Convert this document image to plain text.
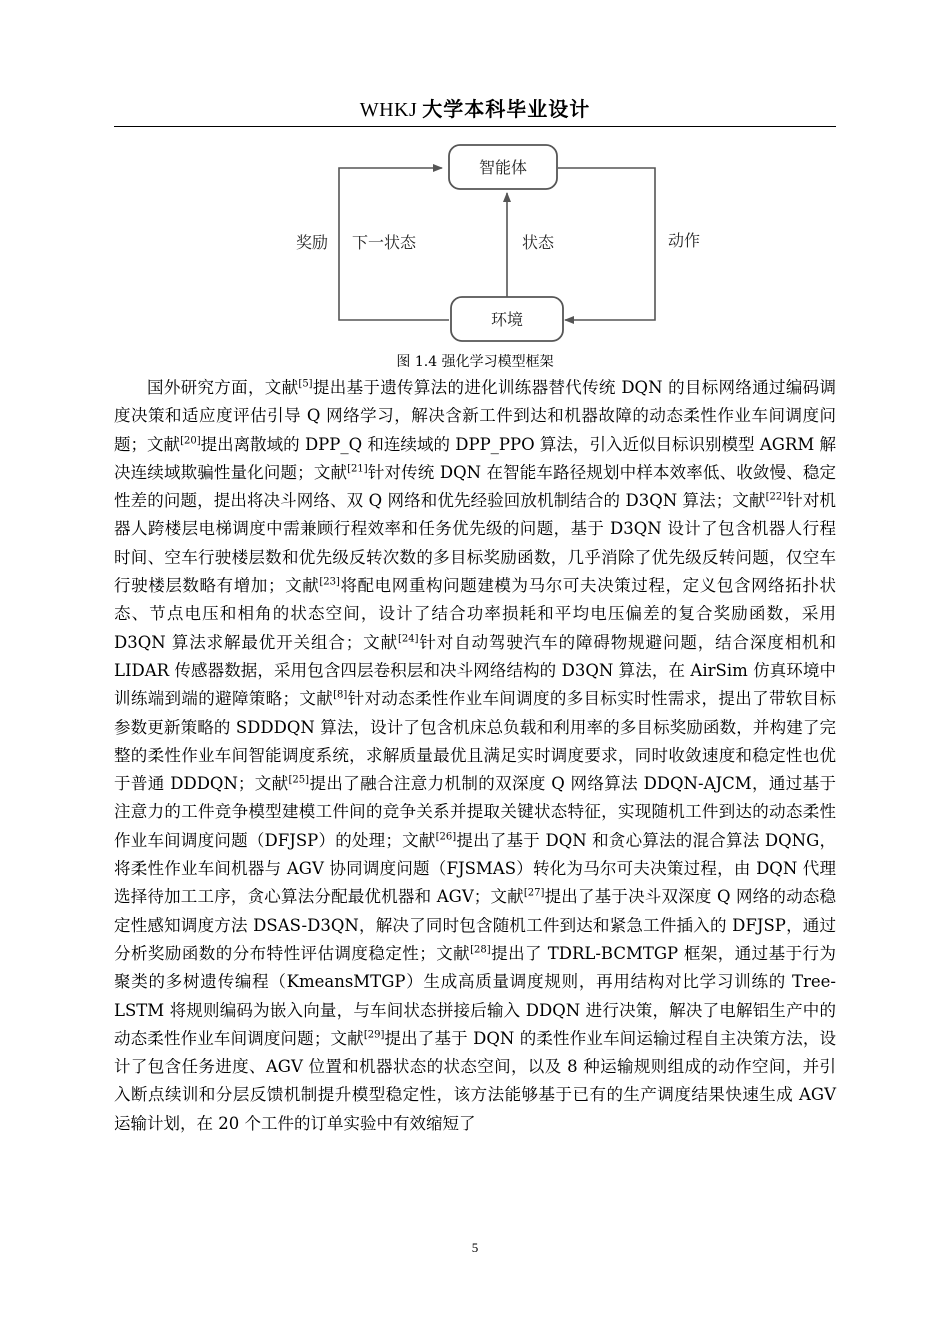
WHKJ 大学本科毕业设计
智能体
环境
奖励 下一状态	状态	动作
图 1.4 强化学习模型框架

国外研究方面，文献[5]提出基于遗传算法的进化训练器替代传统 DQN 的目标网络通过编码调度决策和适应度评估引导 Q 网络学习，解决含新工件到达和机器故障的动态柔性作业车间调度问题；文献[20]提出离散域的 DPP_Q 和连续域的 DPP_PPO 算法，引入近似目标识别模型 AGRM 解决连续域欺骗性量化问题；文献[21]针对传统 DQN 在智能车路径规划中样本效率低、收敛慢、稳定性差的问题，提出将决斗网络、双 Q 网络和优先经验回放机制结合的 D3QN 算法；文献[22]针对机器人跨楼层电梯调度中需兼顾行程效率和任务优先级的问题，基于 D3QN 设计了包含机器人行程时间、空车行驶楼层数和优先级反转次数的多目标奖励函数，几乎消除了优先级反转问题，仅空车行驶楼层数略有增加；文献[23]将配电网重构问题建模为马尔可夫决策过程，定义包含网络拓扑状态、节点电压和相角的状态空间，设计了结合功率损耗和平均电压偏差的复合奖励函数，采用 D3QN 算法求解最优开关组合；文献[24]针对自动驾驶汽车的障碍物规避问题，结合深度相机和 LIDAR 传感器数据，采用包含四层卷积层和决斗网络结构的 D3QN 算法，在 AirSim 仿真环境中训练端到端的避障策略；文献[8]针对动态柔性作业车间调度的多目标实时性需求，提出了带软目标参数更新策略的 SDDDQN 算法，设计了包含机床总负载和利用率的多目标奖励函数，并构建了完整的柔性作业车间智能调度系统，求解质量最优且满足实时调度要求，同时收敛速度和稳定性也优于普通 DDDQN；文献[25]提出了融合注意力机制的双深度 Q 网络算法 DDQN-AJCM，通过基于注意力的工件竞争模型建模工件间的竞争关系并提取关键状态特征，实现随机工件到达的动态柔性作业车间调度问题（DFJSP）的处理；文献[26]提出了基于 DQN 和贪心算法的混合算法 DQNG，将柔性作业车间机器与 AGV 协同调度问题（FJSMAS）转化为马尔可夫决策过程，由 DQN 代理选择待加工工序，贪心算法分配最优机器和 AGV；文献[27]提出了基于决斗双深度 Q 网络的动态稳定性感知调度方法 DSAS-D3QN，解决了同时包含随机工件到达和紧急工件插入的 DFJSP，通过分析奖励函数的分布特性评估调度稳定性；文献[28]提出了 TDRL-BCMTGP 框架，通过基于行为聚类的多树遗传编程（KmeansMTGP）生成高质量调度规则，再用结构对比学习训练的 Tree-LSTM 将规则编码为嵌入向量，与车间状态拼接后输入 DDQN 进行决策，解决了电解铝生产中的动态柔性作业车间调度问题；文献[29]提出了基于 DQN 的柔性作业车间运输过程自主决策方法，设计了包含任务进度、AGV 位置和机器状态的状态空间，以及 8 种运输规则组成的动作空间，并引入断点续训和分层反馈机制提升模型稳定性，该方法能够基于已有的生产调度结果快速生成 AGV 运输计划，在 20 个工件的订单实验中有效缩短了

5
